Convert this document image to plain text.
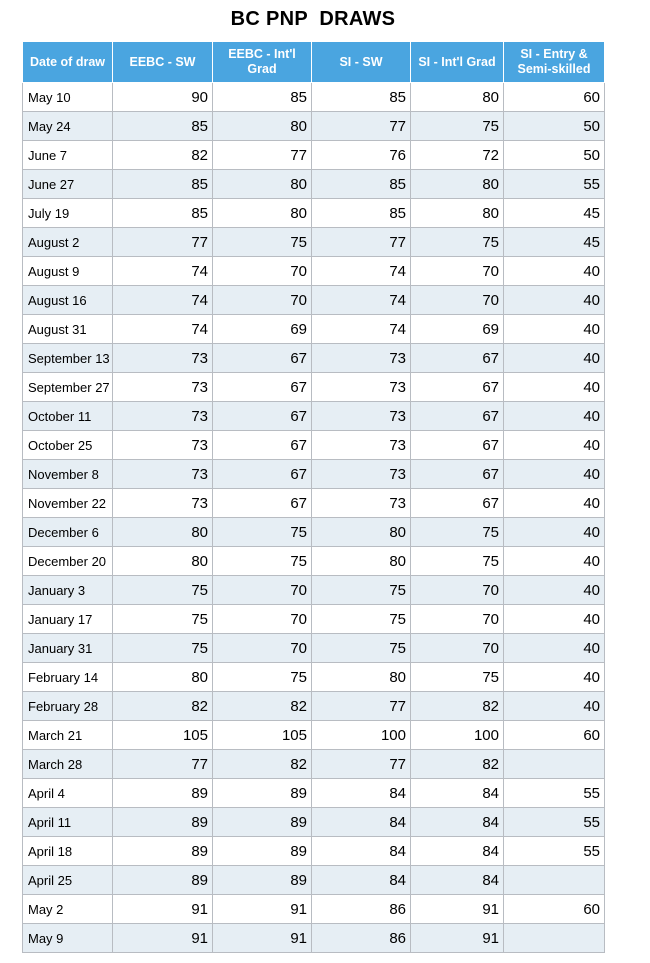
BC PNP  DRAWS
Date of draw	EEBC - SW	EEBC - Int'l Grad	SI - SW	SI - Int'l Grad	SI - Entry & Semi-skilled
May 10	90	85	85	80	60
May 24	85	80	77	75	50
June 7	82	77	76	72	50
June 27	85	80	85	80	55
July 19	85	80	85	80	45
August 2	77	75	77	75	45
August 9	74	70	74	70	40
August 16	74	70	74	70	40
August 31	74	69	74	69	40
September 13	73	67	73	67	40
September 27	73	67	73	67	40
October 11	73	67	73	67	40
October 25	73	67	73	67	40
November 8	73	67	73	67	40
November 22	73	67	73	67	40
December 6	80	75	80	75	40
December 20	80	75	80	75	40
January 3	75	70	75	70	40
January 17	75	70	75	70	40
January 31	75	70	75	70	40
February 14	80	75	80	75	40
February 28	82	82	77	82	40
March 21	105	105	100	100	60
March 28	77	82	77	82	
April 4	89	89	84	84	55
April 11	89	89	84	84	55
April 18	89	89	84	84	55
April 25	89	89	84	84	
May 2	91	91	86	91	60
May 9	91	91	86	91	
